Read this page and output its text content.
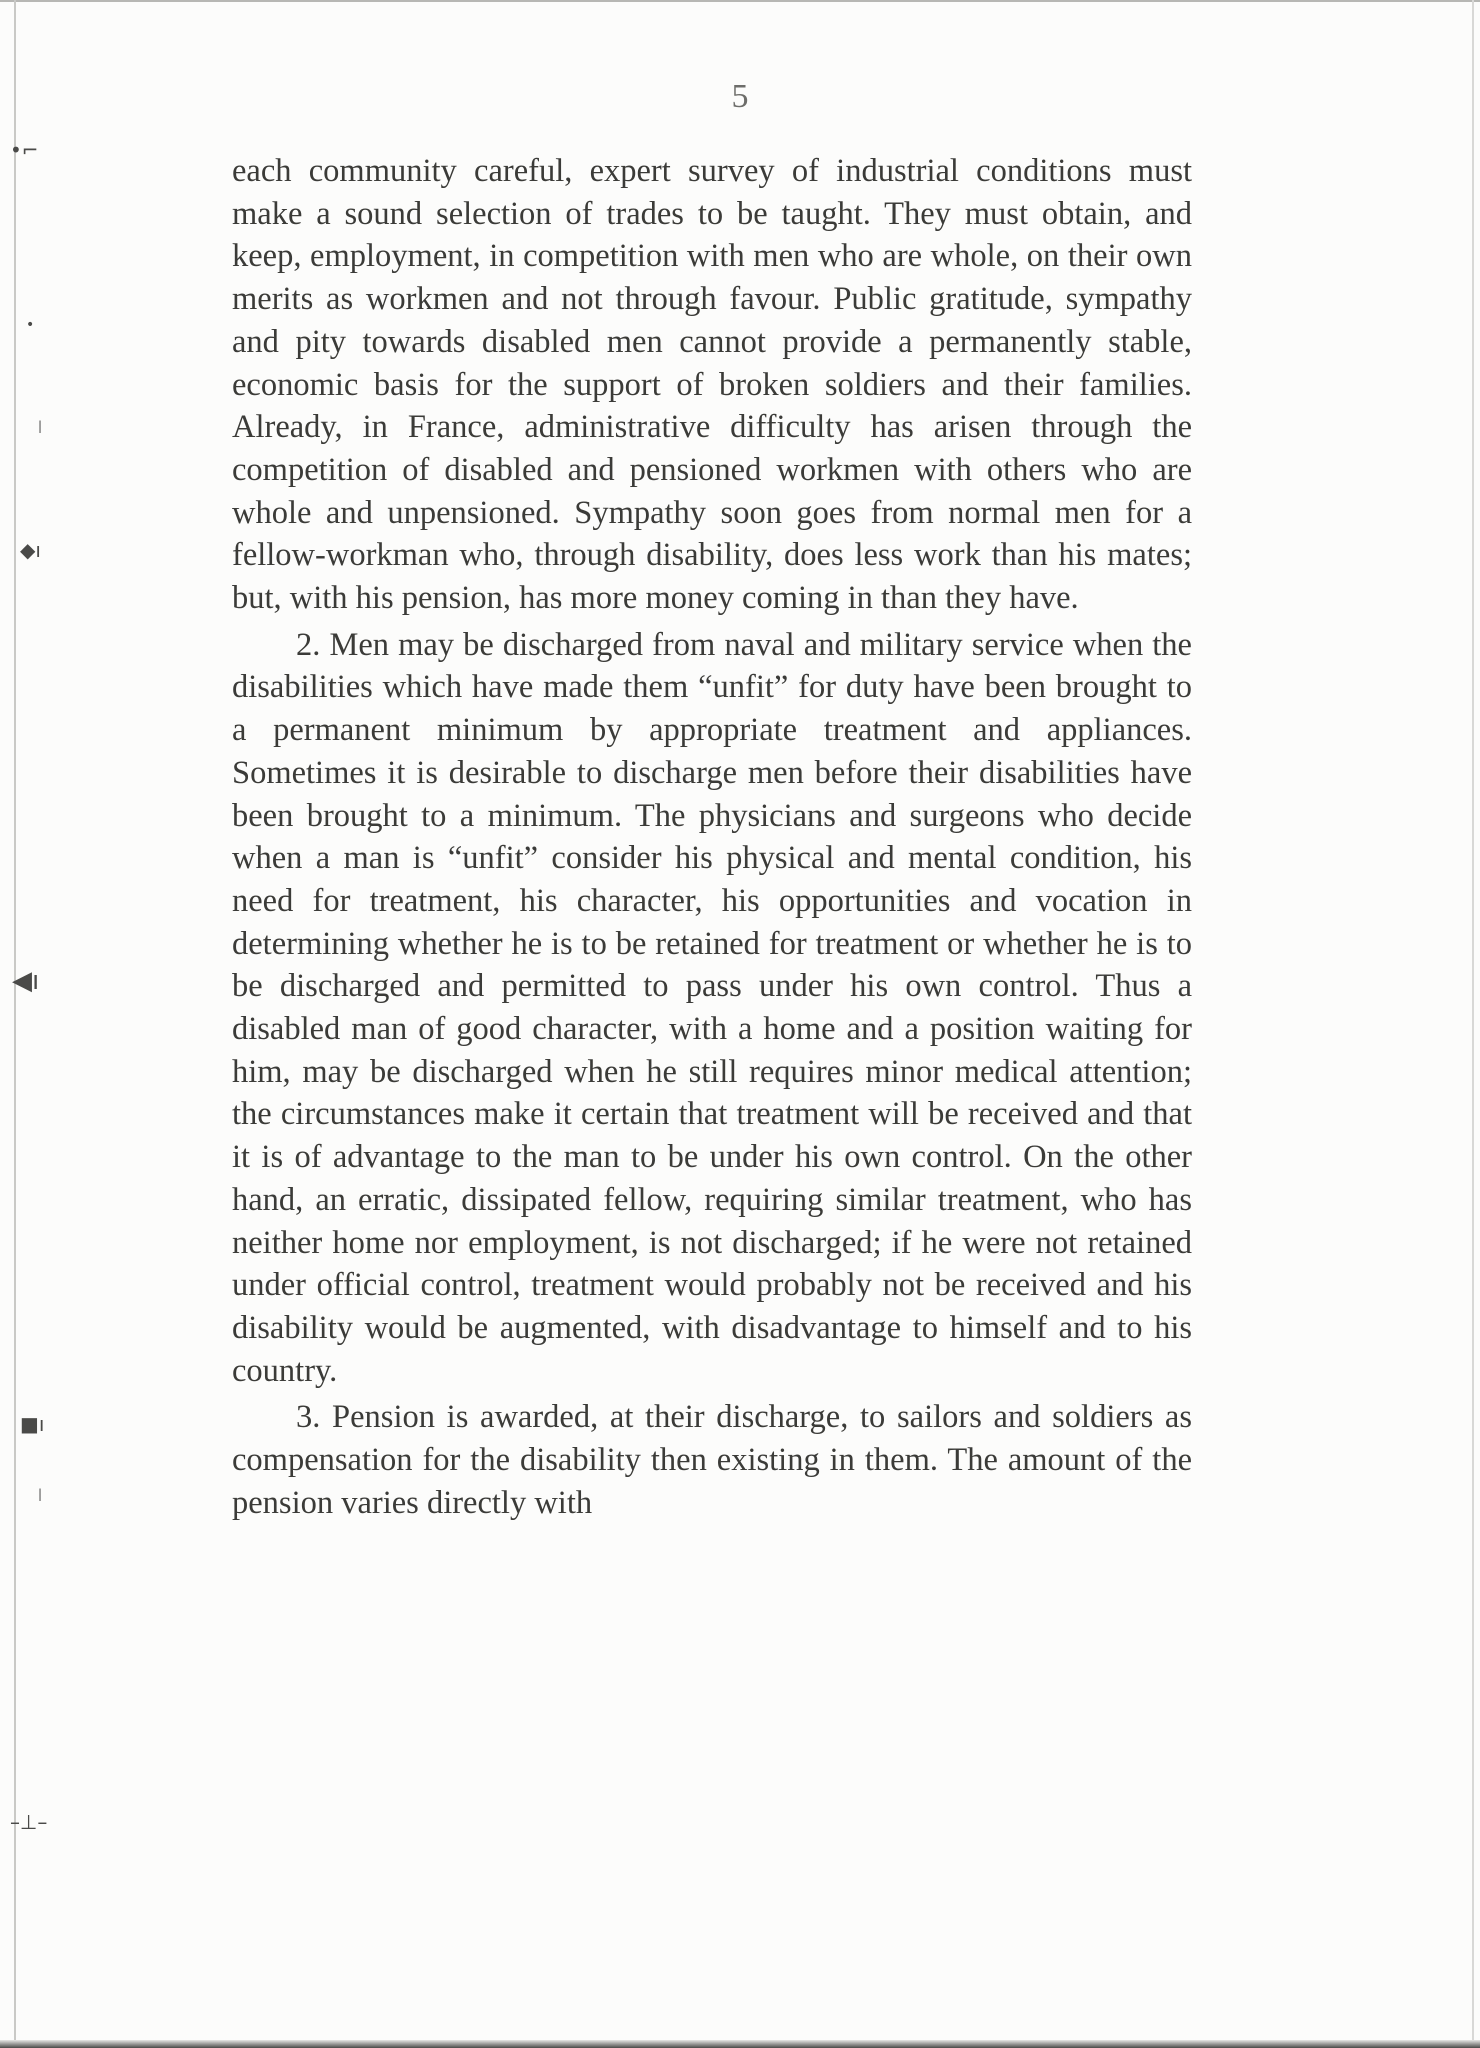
•⌐
•
|
◆ı
◀ı
■ı
|
–⊥–
5

each community careful, expert survey of industrial conditions must make a sound selection of trades to be taught. They must obtain, and keep, employment, in competition with men who are whole, on their own merits as workmen and not through favour. Public gratitude, sympathy and pity towards disabled men cannot provide a permanently stable, economic basis for the support of broken soldiers and their families. Already, in France, administrative difficulty has arisen through the competition of disabled and pensioned workmen with others who are whole and unpensioned. Sympathy soon goes from normal men for a fellow-workman who, through disability, does less work than his mates; but, with his pension, has more money coming in than they have.

2. Men may be discharged from naval and military service when the disabilities which have made them “unfit” for duty have been brought to a permanent minimum by appropriate treatment and appliances. Sometimes it is desirable to discharge men before their disabilities have been brought to a minimum. The physicians and surgeons who decide when a man is “unfit” consider his physical and mental condition, his need for treatment, his character, his opportunities and vocation in determining whether he is to be retained for treatment or whether he is to be discharged and permitted to pass under his own control. Thus a disabled man of good character, with a home and a position waiting for him, may be discharged when he still requires minor medical attention; the circumstances make it certain that treatment will be received and that it is of advantage to the man to be under his own control. On the other hand, an erratic, dissipated fellow, requiring similar treatment, who has neither home nor employment, is not discharged; if he were not retained under official control, treatment would probably not be received and his disability would be augmented, with disadvantage to himself and to his country.

3. Pension is awarded, at their discharge, to sailors and soldiers as compensation for the disability then existing in them. The amount of the pension varies directly with
